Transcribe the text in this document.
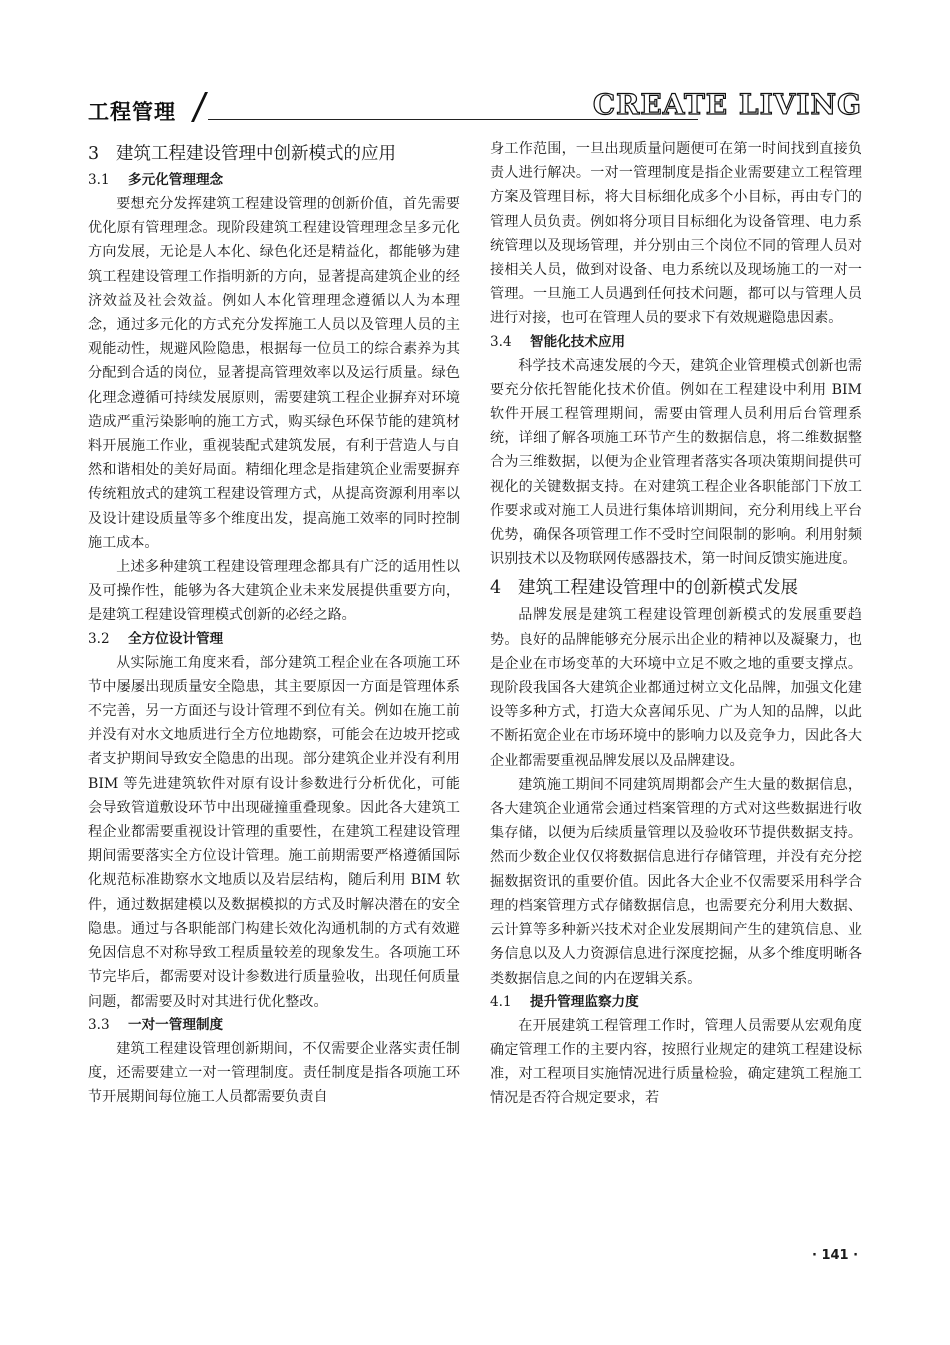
工程管理	CREATE LIVING
3 建筑工程建设管理中创新模式的应用
3.1 多元化管理理念

要想充分发挥建筑工程建设管理的创新价值，首先需要优化原有管理理念。现阶段建筑工程建设管理理念呈多元化方向发展，无论是人本化、绿色化还是精益化，都能够为建筑工程建设管理工作指明新的方向，显著提高建筑企业的经济效益及社会效益。例如人本化管理理念遵循以人为本理念，通过多元化的方式充分发挥施工人员以及管理人员的主观能动性，规避风险隐患，根据每一位员工的综合素养为其分配到合适的岗位，显著提高管理效率以及运行质量。绿色化理念遵循可持续发展原则，需要建筑工程企业摒弃对环境造成严重污染影响的施工方式，购买绿色环保节能的建筑材料开展施工作业，重视装配式建筑发展，有利于营造人与自然和谐相处的美好局面。精细化理念是指建筑企业需要摒弃传统粗放式的建筑工程建设管理方式，从提高资源利用率以及设计建设质量等多个维度出发，提高施工效率的同时控制施工成本。

上述多种建筑工程建设管理理念都具有广泛的适用性以及可操作性，能够为各大建筑企业未来发展提供重要方向，是建筑工程建设管理模式创新的必经之路。

3.2 全方位设计管理

从实际施工角度来看，部分建筑工程企业在各项施工环节中屡屡出现质量安全隐患，其主要原因一方面是管理体系不完善，另一方面还与设计管理不到位有关。例如在施工前并没有对水文地质进行全方位地勘察，可能会在边坡开挖或者支护期间导致安全隐患的出现。部分建筑企业并没有利用 BIM 等先进建筑软件对原有设计参数进行分析优化，可能会导致管道敷设环节中出现碰撞重叠现象。因此各大建筑工程企业都需要重视设计管理的重要性，在建筑工程建设管理期间需要落实全方位设计管理。施工前期需要严格遵循国际化规范标准勘察水文地质以及岩层结构，随后利用 BIM 软件，通过数据建模以及数据模拟的方式及时解决潜在的安全隐患。通过与各职能部门构建长效化沟通机制的方式有效避免因信息不对称导致工程质量较差的现象发生。各项施工环节完毕后，都需要对设计参数进行质量验收，出现任何质量问题，都需要及时对其进行优化整改。

3.3 一对一管理制度

建筑工程建设管理创新期间，不仅需要企业落实责任制度，还需要建立一对一管理制度。责任制度是指各项施工环节开展期间每位施工人员都需要负责自

身工作范围，一旦出现质量问题便可在第一时间找到直接负责人进行解决。一对一管理制度是指企业需要建立工程管理方案及管理目标，将大目标细化成多个小目标，再由专门的管理人员负责。例如将分项目目标细化为设备管理、电力系统管理以及现场管理，并分别由三个岗位不同的管理人员对接相关人员，做到对设备、电力系统以及现场施工的一对一管理。一旦施工人员遇到任何技术问题，都可以与管理人员进行对接，也可在管理人员的要求下有效规避隐患因素。

3.4 智能化技术应用

科学技术高速发展的今天，建筑企业管理模式创新也需要充分依托智能化技术价值。例如在工程建设中利用 BIM 软件开展工程管理期间，需要由管理人员利用后台管理系统，详细了解各项施工环节产生的数据信息，将二维数据整合为三维数据，以便为企业管理者落实各项决策期间提供可视化的关键数据支持。在对建筑工程企业各职能部门下放工作要求或对施工人员进行集体培训期间，充分利用线上平台优势，确保各项管理工作不受时空间限制的影响。利用射频识别技术以及物联网传感器技术，第一时间反馈实施进度。

4 建筑工程建设管理中的创新模式发展

品牌发展是建筑工程建设管理创新模式的发展重要趋势。良好的品牌能够充分展示出企业的精神以及凝聚力，也是企业在市场变革的大环境中立足不败之地的重要支撑点。现阶段我国各大建筑企业都通过树立文化品牌，加强文化建设等多种方式，打造大众喜闻乐见、广为人知的品牌，以此不断拓宽企业在市场环境中的影响力以及竞争力，因此各大企业都需要重视品牌发展以及品牌建设。

建筑施工期间不同建筑周期都会产生大量的数据信息，各大建筑企业通常会通过档案管理的方式对这些数据进行收集存储，以便为后续质量管理以及验收环节提供数据支持。然而少数企业仅仅将数据信息进行存储管理，并没有充分挖掘数据资讯的重要价值。因此各大企业不仅需要采用科学合理的档案管理方式存储数据信息，也需要充分利用大数据、云计算等多种新兴技术对企业发展期间产生的建筑信息、业务信息以及人力资源信息进行深度挖掘，从多个维度明晰各类数据信息之间的内在逻辑关系。

4.1 提升管理监察力度

在开展建筑工程管理工作时，管理人员需要从宏观角度确定管理工作的主要内容，按照行业规定的建筑工程建设标准，对工程项目实施情况进行质量检验，确定建筑工程施工情况是否符合规定要求，若

· 141 ·
